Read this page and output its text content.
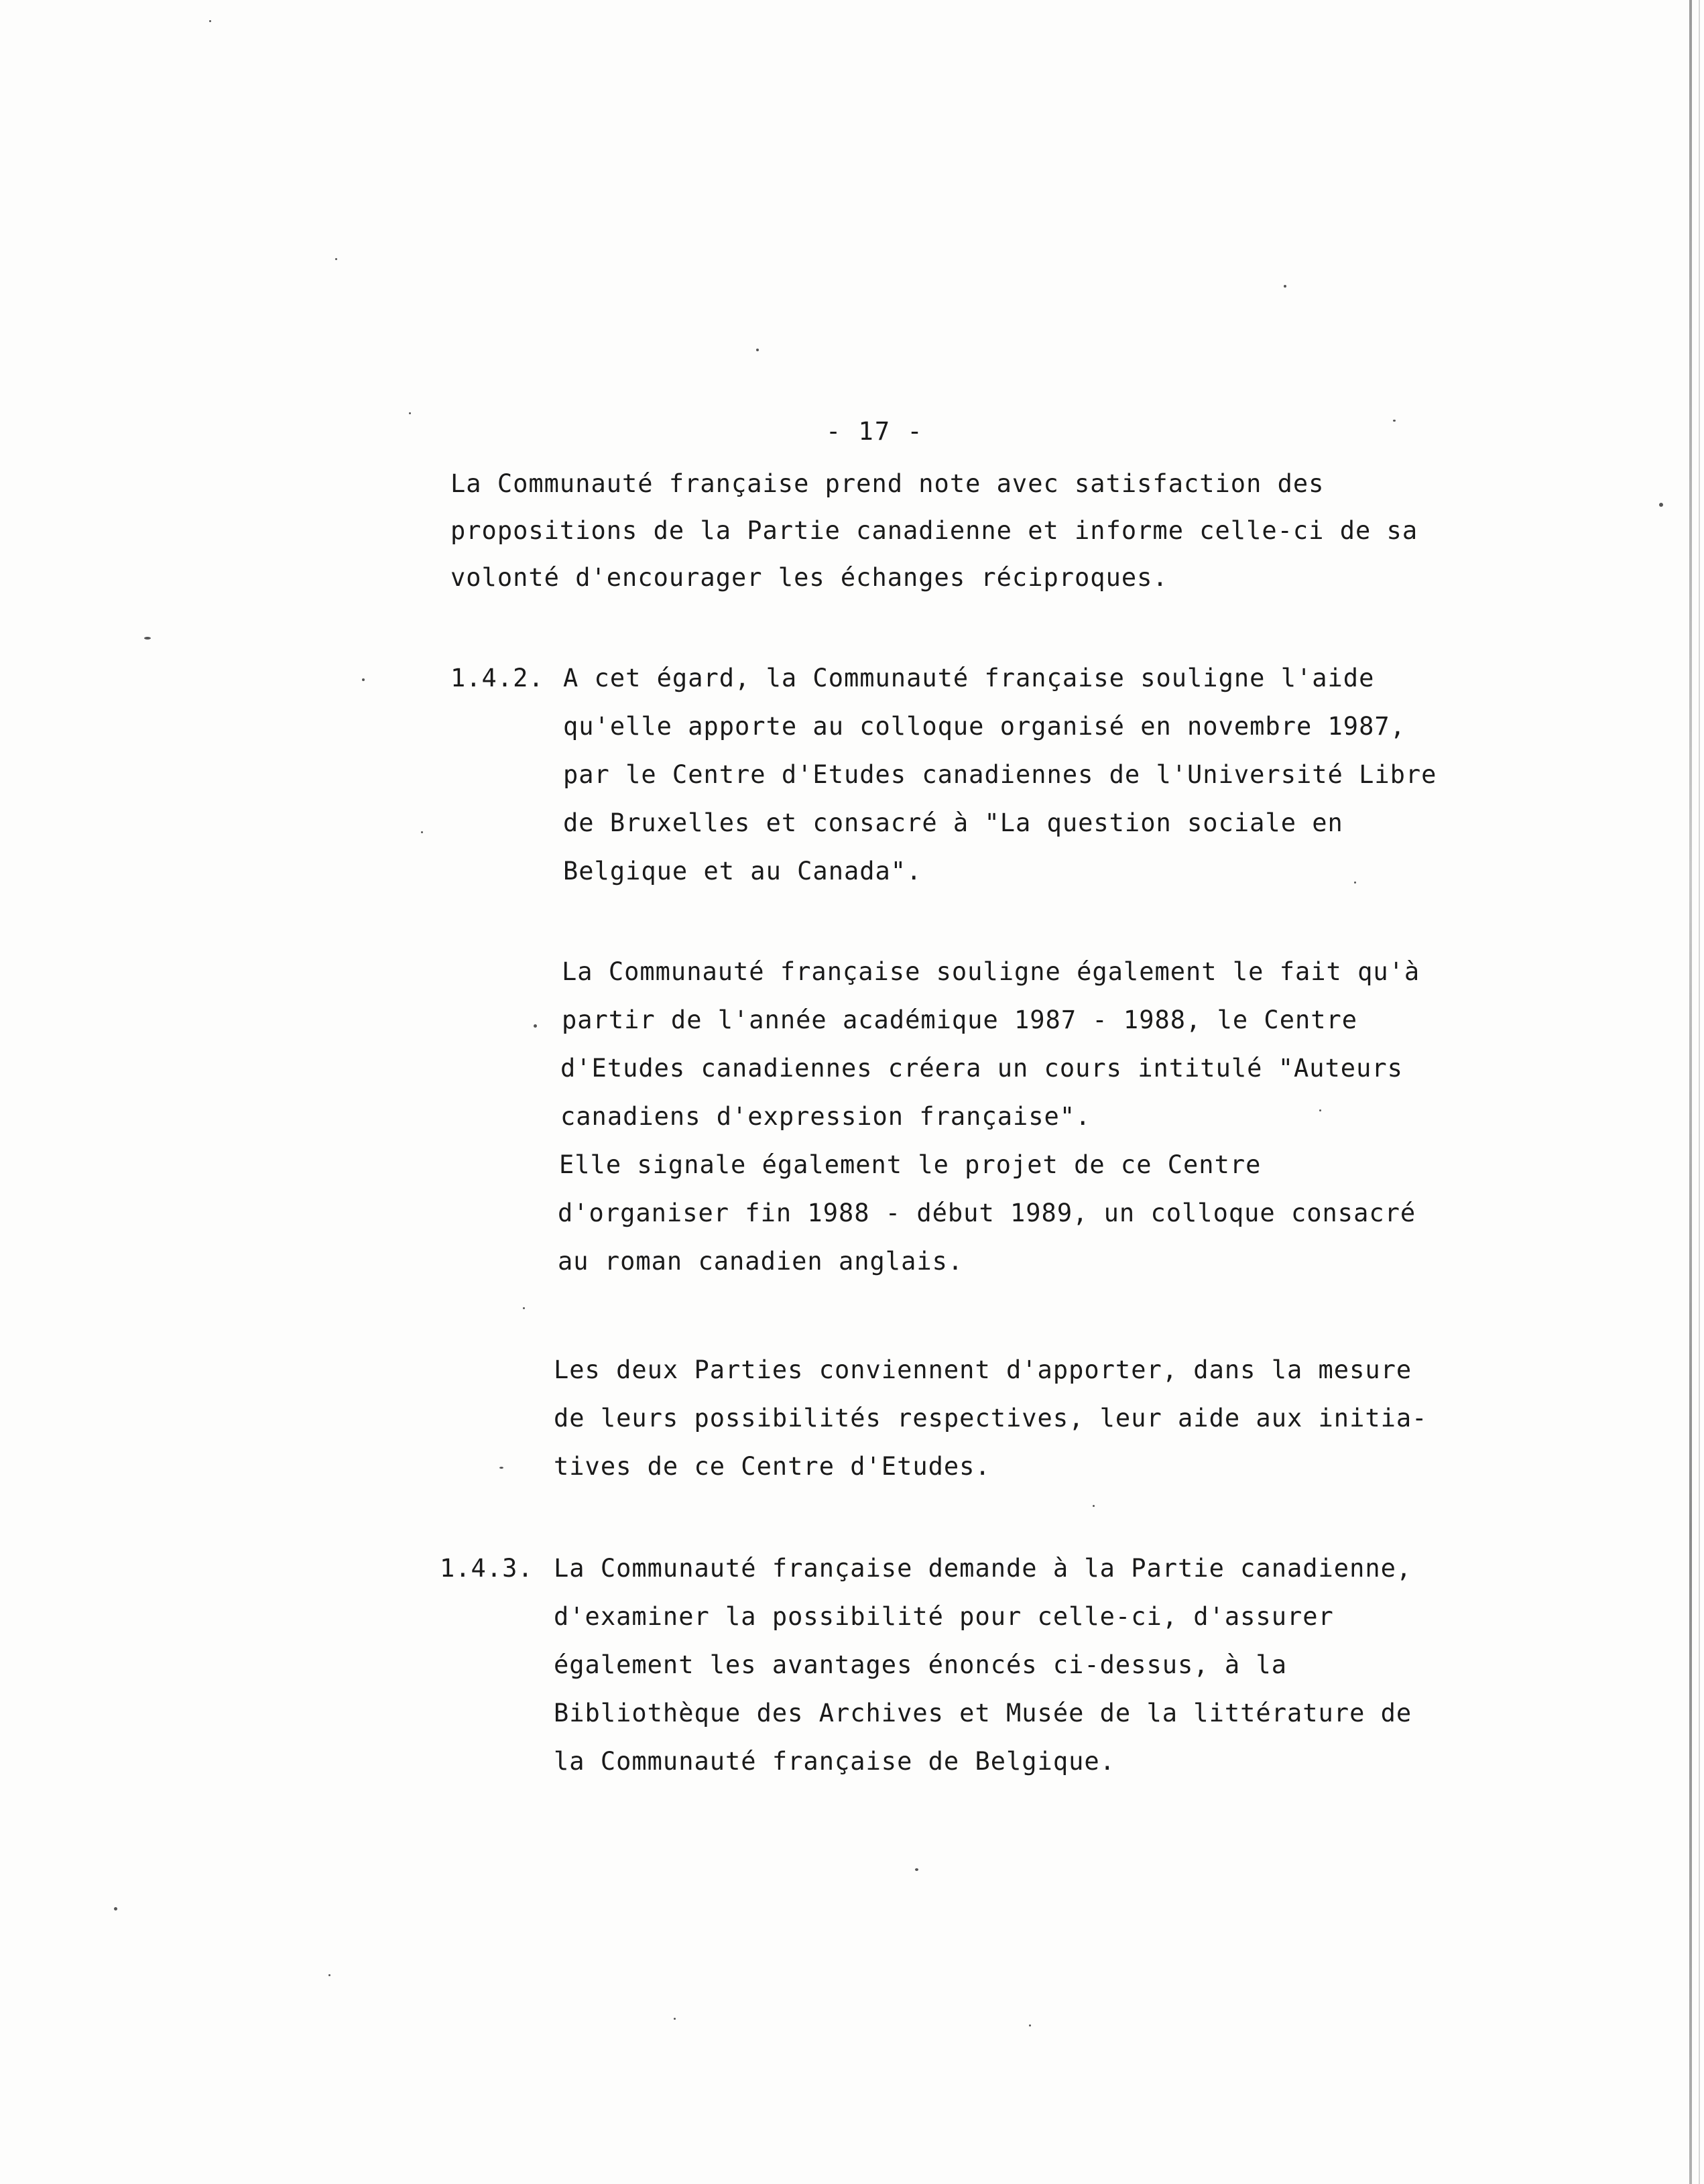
- 17 -
La Communauté française prend note avec satisfaction des
propositions de la Partie canadienne et informe celle-ci de sa
volonté d'encourager les échanges réciproques.
1.4.2. A cet égard, la Communauté française souligne l'aide
qu'elle apporte au colloque organisé en novembre 1987,
par le Centre d'Etudes canadiennes de l'Université Libre
de Bruxelles et consacré à "La question sociale en
Belgique et au Canada".
La Communauté française souligne également le fait qu'à
partir de l'année académique 1987 - 1988, le Centre
d'Etudes canadiennes créera un cours intitulé "Auteurs
canadiens d'expression française".
Elle signale également le projet de ce Centre
d'organiser fin 1988 - début 1989, un colloque consacré
au roman canadien anglais.
Les deux Parties conviennent d'apporter, dans la mesure
de leurs possibilités respectives, leur aide aux initia-
tives de ce Centre d'Etudes.
1.4.3. La Communauté française demande à la Partie canadienne,
d'examiner la possibilité pour celle-ci, d'assurer
également les avantages énoncés ci-dessus, à la
Bibliothèque des Archives et Musée de la littérature de
la Communauté française de Belgique.
